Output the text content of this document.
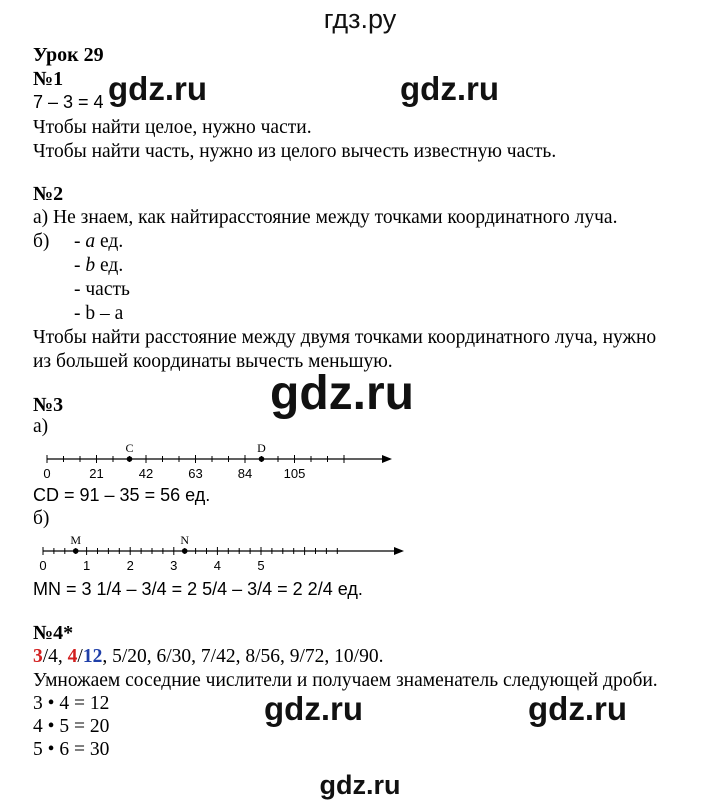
гдз.ру
Урок 29
№1
7 – 3 = 4
Чтобы найти целое, нужно части.
Чтобы найти часть, нужно из целого вычесть известную часть.
№2
а) Не знаем, как найтирасстояние между точками координатного луча.
б) - а ед.
- b ед.
- часть
- b – а
Чтобы найти расстояние между двумя точками координатного луча, нужно
из большей координаты вычесть меньшую.
№3
а)
0	21	42	63	84 105
C	D
CD = 91 – 35 = 56 ед.
б)
0	1	2	3	4	5
M	N
MN = 3 1/4 – 3/4 = 2 5/4 – 3/4 = 2 2/4 ед.
№4*
3/4, 4/12, 5/20, 6/30, 7/42, 8/56, 9/72, 10/90.
Умножаем соседние числители и получаем знаменатель следующей дроби.
3 • 4 = 12
4 • 5 = 20
5 • 6 = 30
gdz.ru	gdz.ru
gdz.ru
gdz.ru	gdz.ru
gdz.ru
